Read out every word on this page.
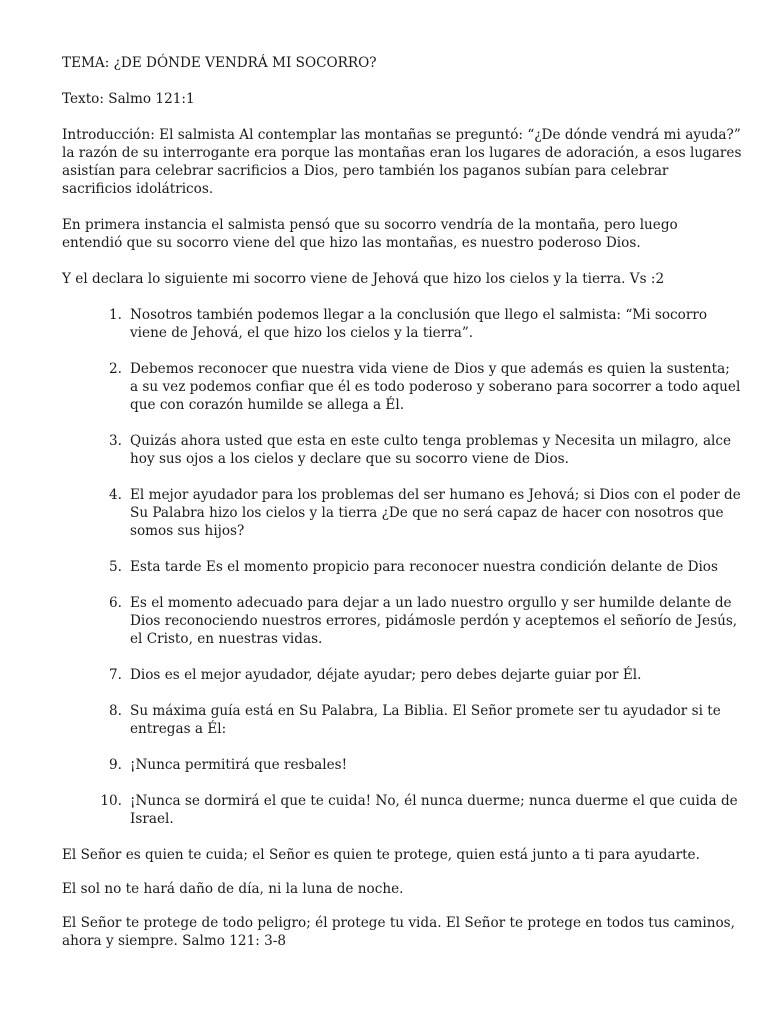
TEMA: ¿DE DÓNDE VENDRÁ MI SOCORRO?

Texto: Salmo 121:1

Introducción: El salmista Al contemplar las montañas se preguntó: “¿De dónde vendrá mi ayuda?” la razón de su interrogante era porque las montañas eran los lugares de adoración, a esos lugares asistían para celebrar sacrificios a Dios, pero también los paganos subían para celebrar sacrificios idolátricos.

En primera instancia el salmista pensó que su socorro vendría de la montaña, pero luego entendió que su socorro viene del que hizo las montañas, es nuestro poderoso Dios.

Y el declara lo siguiente mi socorro viene de Jehová que hizo los cielos y la tierra. Vs :2

1. Nosotros también podemos llegar a la conclusión que llego el salmista: “Mi socorro viene de Jehová, el que hizo los cielos y la tierra”.
2. Debemos reconocer que nuestra vida viene de Dios y que además es quien la sustenta; a su vez podemos confiar que él es todo poderoso y soberano para socorrer a todo aquel que con corazón humilde se allega a Él.
3. Quizás ahora usted que esta en este culto tenga problemas y Necesita un milagro, alce hoy sus ojos a los cielos y declare que su socorro viene de Dios.
4. El mejor ayudador para los problemas del ser humano es Jehová; si Dios con el poder de Su Palabra hizo los cielos y la tierra ¿De que no será capaz de hacer con nosotros que somos sus hijos?
5. Esta tarde Es el momento propicio para reconocer nuestra condición delante de Dios
6. Es el momento adecuado para dejar a un lado nuestro orgullo y ser humilde delante de Dios reconociendo nuestros errores, pidámosle perdón y aceptemos el señorío de Jesús, el Cristo, en nuestras vidas.
7. Dios es el mejor ayudador, déjate ayudar; pero debes dejarte guiar por Él.
8. Su máxima guía está en Su Palabra, La Biblia. El Señor promete ser tu ayudador si te entregas a Él:
9. ¡Nunca permitirá que resbales!
10. ¡Nunca se dormirá el que te cuida! No, él nunca duerme; nunca duerme el que cuida de Israel.

El Señor es quien te cuida; el Señor es quien te protege, quien está junto a ti para ayudarte.

El sol no te hará daño de día, ni la luna de noche.

El Señor te protege de todo peligro; él protege tu vida. El Señor te protege en todos tus caminos, ahora y siempre. Salmo 121: 3-8
